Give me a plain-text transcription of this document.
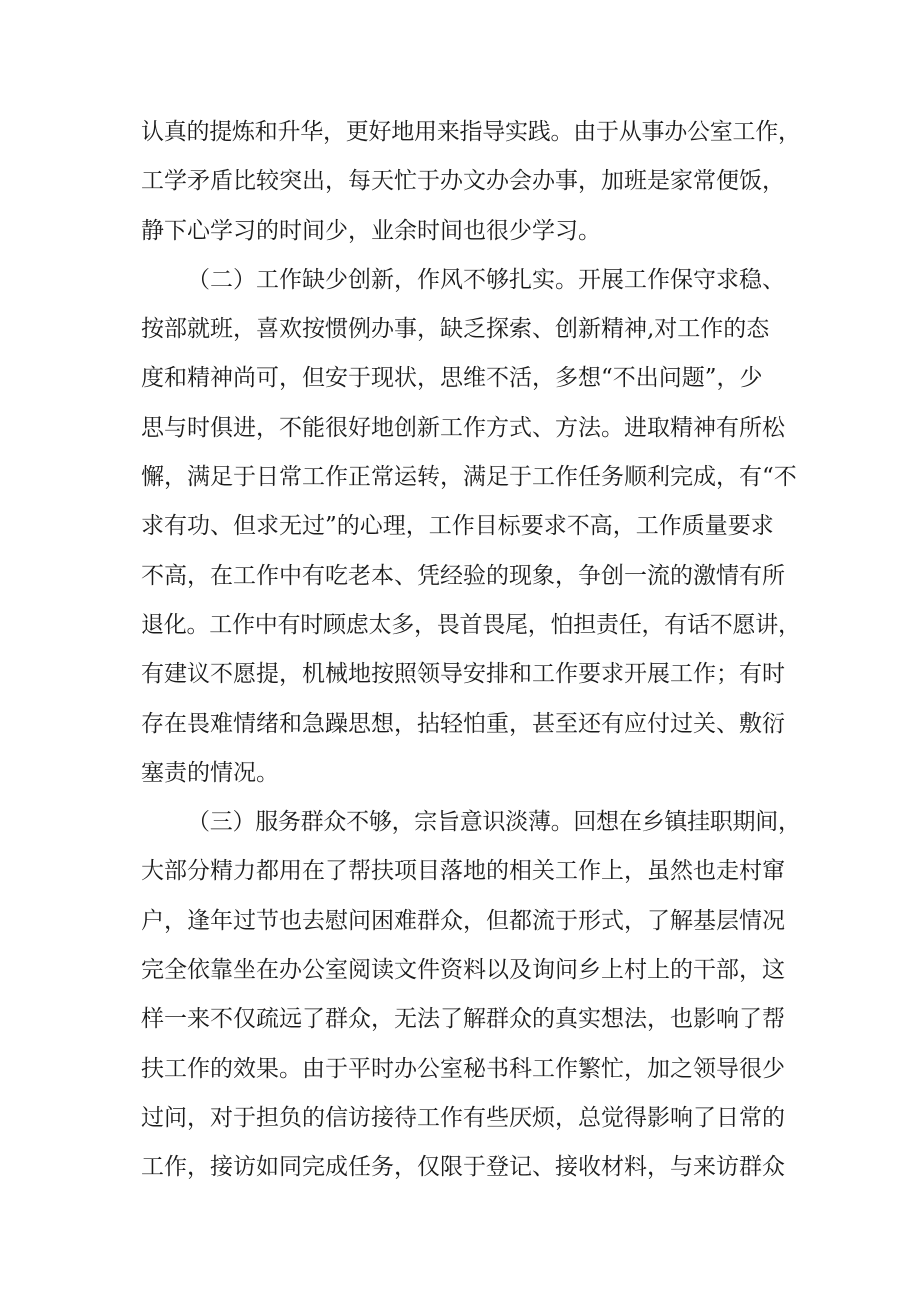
认真的提炼和升华，更好地用来指导实践。由于从事办公室工作，
工学矛盾比较突出，每天忙于办文办会办事，加班是家常便饭，
静下心学习的时间少，业余时间也很少学习。
（二）工作缺少创新，作风不够扎实。开展工作保守求稳、
按部就班，喜欢按惯例办事，缺乏探索、创新精神,对工作的态
度和精神尚可，但安于现状，思维不活，多想“不出问题”，少
思与时俱进，不能很好地创新工作方式、方法。进取精神有所松
懈，满足于日常工作正常运转，满足于工作任务顺利完成，有“不
求有功、但求无过”的心理，工作目标要求不高，工作质量要求
不高，在工作中有吃老本、凭经验的现象，争创一流的激情有所
退化。工作中有时顾虑太多，畏首畏尾，怕担责任，有话不愿讲，
有建议不愿提，机械地按照领导安排和工作要求开展工作；有时
存在畏难情绪和急躁思想，拈轻怕重，甚至还有应付过关、敷衍
塞责的情况。
（三）服务群众不够，宗旨意识淡薄。回想在乡镇挂职期间，
大部分精力都用在了帮扶项目落地的相关工作上，虽然也走村窜
户，逢年过节也去慰问困难群众，但都流于形式，了解基层情况
完全依靠坐在办公室阅读文件资料以及询问乡上村上的干部，这
样一来不仅疏远了群众，无法了解群众的真实想法，也影响了帮
扶工作的效果。由于平时办公室秘书科工作繁忙，加之领导很少
过问，对于担负的信访接待工作有些厌烦，总觉得影响了日常的
工作，接访如同完成任务，仅限于登记、接收材料，与来访群众
